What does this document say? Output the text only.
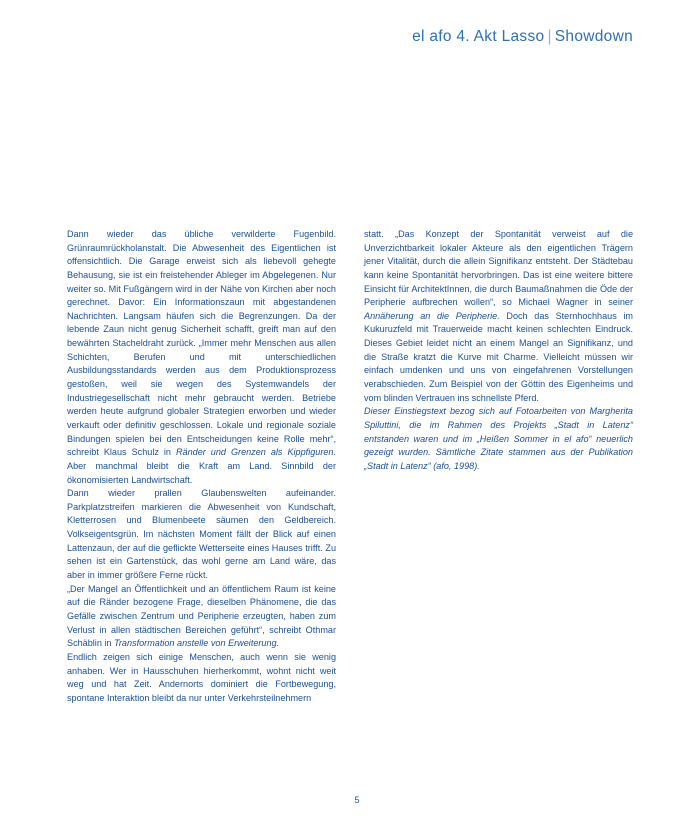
el afo 4. Akt Lasso | Showdown

Dann wieder das übliche verwilderte Fugenbild. Grünraumrückholanstalt. Die Abwesenheit des Eigentlichen ist offensichtlich. Die Garage erweist sich als liebevoll gehegte Behausung, sie ist ein freistehender Ableger im Abgelegenen. Nur weiter so. Mit Fußgängern wird in der Nähe von Kirchen aber noch gerechnet. Davor: Ein Informationszaun mit abgestandenen Nachrichten. Langsam häufen sich die Begrenzungen. Da der lebende Zaun nicht genug Sicherheit schafft, greift man auf den bewährten Stacheldraht zurück. „Immer mehr Menschen aus allen Schichten, Berufen und mit unterschiedlichen Ausbildungsstandards werden aus dem Produktionsprozess gestoßen, weil sie wegen des Systemwandels der Industriegesellschaft nicht mehr gebraucht werden. Betriebe werden heute aufgrund globaler Strategien erworben und wieder verkauft oder definitiv geschlossen. Lokale und regionale soziale Bindungen spielen bei den Entscheidungen keine Rolle mehr“, schreibt Klaus Schulz in Ränder und Grenzen als Kippfiguren. Aber manchmal bleibt die Kraft am Land. Sinnbild der ökonomisierten Landwirtschaft.

Dann wieder prallen Glaubenswelten aufeinander. Parkplatzstreifen markieren die Abwesenheit von Kundschaft, Kletterrosen und Blumenbeete säumen den Geldbereich. Volkseigentsgrün. Im nächsten Moment fällt der Blick auf einen Lattenzaun, der auf die geflickte Wetterseite eines Hauses trifft. Zu sehen ist ein Gartenstück, das wohl gerne am Land wäre, das aber in immer größere Ferne rückt.

„Der Mangel an Öffentlichkeit und an öffentlichem Raum ist keine auf die Ränder bezogene Frage, dieselben Phänomene, die das Gefälle zwischen Zentrum und Peripherie erzeugten, haben zum Verlust in allen städtischen Bereichen geführt“, schreibt Othmar Schäblin in Transformation anstelle von Erweiterung.

Endlich zeigen sich einige Menschen, auch wenn sie wenig anhaben. Wer in Hausschuhen hierherkommt, wohnt nicht weit weg und hat Zeit. Andernorts dominiert die Fortbewegung, spontane Interaktion bleibt da nur unter Verkehrsteilnehmern

statt. „Das Konzept der Spontanität verweist auf die Unverzichtbarkeit lokaler Akteure als den eigentlichen Trägern jener Vitalität, durch die allein Signifikanz entsteht. Der Städtebau kann keine Spontanität hervorbringen. Das ist eine weitere bittere Einsicht für ArchitektInnen, die durch Baumaßnahmen die Öde der Peripherie aufbrechen wollen“, so Michael Wagner in seiner Annäherung an die Peripherie. Doch das Sternhochhaus im Kukuruzfeld mit Trauerweide macht keinen schlechten Eindruck. Dieses Gebiet leidet nicht an einem Mangel an Signifikanz, und die Straße kratzt die Kurve mit Charme. Vielleicht müssen wir einfach umdenken und uns von eingefahrenen Vorstellungen verabschieden. Zum Beispiel von der Göttin des Eigenheims und vom blinden Vertrauen ins schnellste Pferd.

Dieser Einstiegstext bezog sich auf Fotoarbeiten von Margherita Spiluttini, die im Rahmen des Projekts „Stadt in Latenz“ entstanden waren und im „Heißen Sommer in el afo“ neuerlich gezeigt wurden. Sämtliche Zitate stammen aus der Publikation „Stadt in Latenz“ (afo, 1998).

5
